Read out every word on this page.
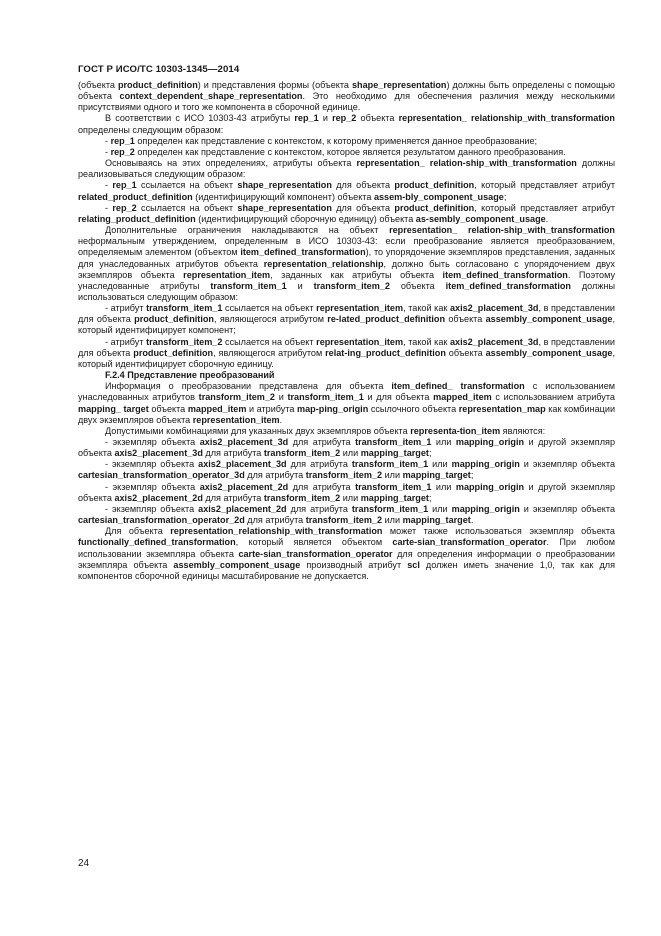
ГОСТ Р ИСО/ТС 10303-1345—2014

(объекта product_definition) и представления формы (объекта shape_representation) должны быть определены с помощью объекта context_dependent_shape_representation. Это необходимо для обеспечения различия между несколькими присутствиями одного и того же компонента в сборочной единице.

В соответствии с ИСО 10303-43 атрибуты rep_1 и rep_2 объекта representation_ relationship_with_transformation определены следующим образом:

- rep_1 определен как представление с контекстом, к которому применяется данное преобразование;

- rep_2 определен как представление с контекстом, которое является результатом данного преобразования.

Основываясь на этих определениях, атрибуты объекта representation_ relation-ship_with_transformation должны реализовываться следующим образом:

- rep_1 ссылается на объект shape_representation для объекта product_definition, который представляет атрибут related_product_definition (идентифицирующий компонент) объекта assem-bly_component_usage;

- rep_2 ссылается на объект shape_representation для объекта product_definition, который представляет атрибут relating_product_definition (идентифицирующий сборочную единицу) объекта as-sembly_component_usage.

Дополнительные ограничения накладываются на объект representation_ relation-ship_with_transformation неформальным утверждением, определенным в ИСО 10303-43: если преобразование является преобразованием, определяемым элементом (объектом item_defined_transformation), то упорядочение экземпляров представления, заданных для унаследованных атрибутов объекта representation_relationship, должно быть согласовано с упорядочением двух экземпляров объекта representation_item, заданных как атрибуты объекта item_defined_transformation. Поэтому унаследованные атрибуты transform_item_1 и transform_item_2 объекта item_defined_transformation должны использоваться следующим образом:

- атрибут transform_item_1 ссылается на объект representation_item, такой как axis2_placement_3d, в представлении для объекта product_definition, являющегося атрибутом re-lated_product_definition объекта assembly_component_usage, который идентифицирует компонент;

- атрибут transform_item_2 ссылается на объект representation_item, такой как axis2_placement_3d, в представлении для объекта product_definition, являющегося атрибутом relat-ing_product_definition объекта assembly_component_usage, который идентифицирует сборочную единицу.

F.2.4 Представление преобразований

Информация о преобразовании представлена для объекта item_defined_ transformation с использованием унаследованных атрибутов transform_item_2 и transform_item_1 и для объекта mapped_item с использованием атрибута mapping_ target объекта mapped_item и атрибута map-ping_origin ссылочного объекта representation_map как комбинации двух экземпляров объекта representation_item.

Допустимыми комбинациями для указанных двух экземпляров объекта representa-tion_item являются:

- экземпляр объекта axis2_placement_3d для атрибута transform_item_1 или mapping_origin и другой экземпляр объекта axis2_placement_3d для атрибута transform_item_2 или mapping_target;

- экземпляр объекта axis2_placement_3d для атрибута transform_item_1 или mapping_origin и экземпляр объекта cartesian_transformation_operator_3d для атрибута transform_item_2 или mapping_target;

- экземпляр объекта axis2_placement_2d для атрибута transform_item_1 или mapping_origin и другой экземпляр объекта axis2_placement_2d для атрибута transform_item_2 или mapping_target;

- экземпляр объекта axis2_placement_2d для атрибута transform_item_1 или mapping_origin и экземпляр объекта cartesian_transformation_operator_2d для атрибута transform_item_2 или mapping_target.

Для объекта representation_relationship_with_transformation может также использоваться экземпляр объекта functionally_defined_transformation, который является объектом carte-sian_transformation_operator. При любом использовании экземпляра объекта carte-sian_transformation_operator для определения информации о преобразовании экземпляра объекта assembly_component_usage производный атрибут scl должен иметь значение 1,0, так как для компонентов сборочной единицы масштабирование не допускается.

24
